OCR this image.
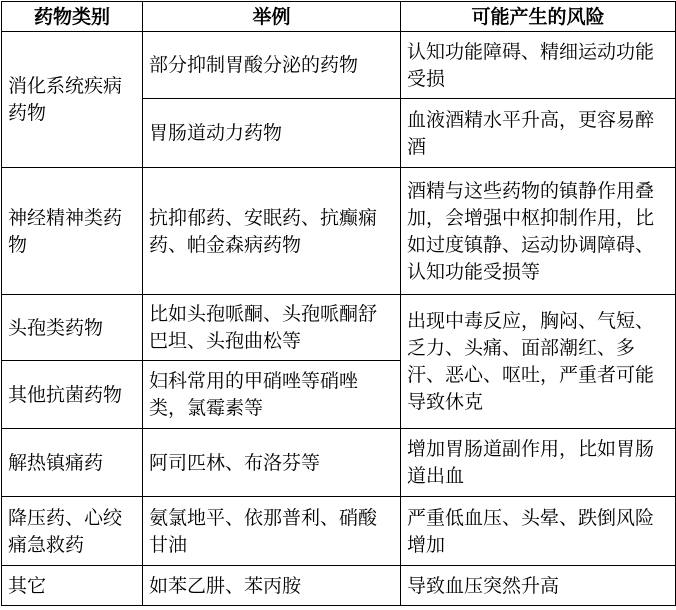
药物类别	举例	可能产生的风险
消化系统疾病药物	部分抑制胃酸分泌的药物	认知功能障碍、精细运动功能受损
	胃肠道动力药物	血液酒精水平升高，更容易醉酒
神经精神类药物	抗抑郁药、安眠药、抗癫痫药、帕金森病药物	酒精与这些药物的镇静作用叠加，会增强中枢抑制作用，比如过度镇静、运动协调障碍、认知功能受损等
头孢类药物	比如头孢哌酮、头孢哌酮舒巴坦、头孢曲松等	出现中毒反应，胸闷、气短、乏力、头痛、面部潮红、多汗、恶心、呕吐，严重者可能导致休克
其他抗菌药物	妇科常用的甲硝唑等硝唑类，氯霉素等	
解热镇痛药	阿司匹林、布洛芬等	增加胃肠道副作用，比如胃肠道出血
降压药、心绞痛急救药	氨氯地平、依那普利、硝酸甘油	严重低血压、头晕、跌倒风险增加
其它	如苯乙肼、苯丙胺	导致血压突然升高
